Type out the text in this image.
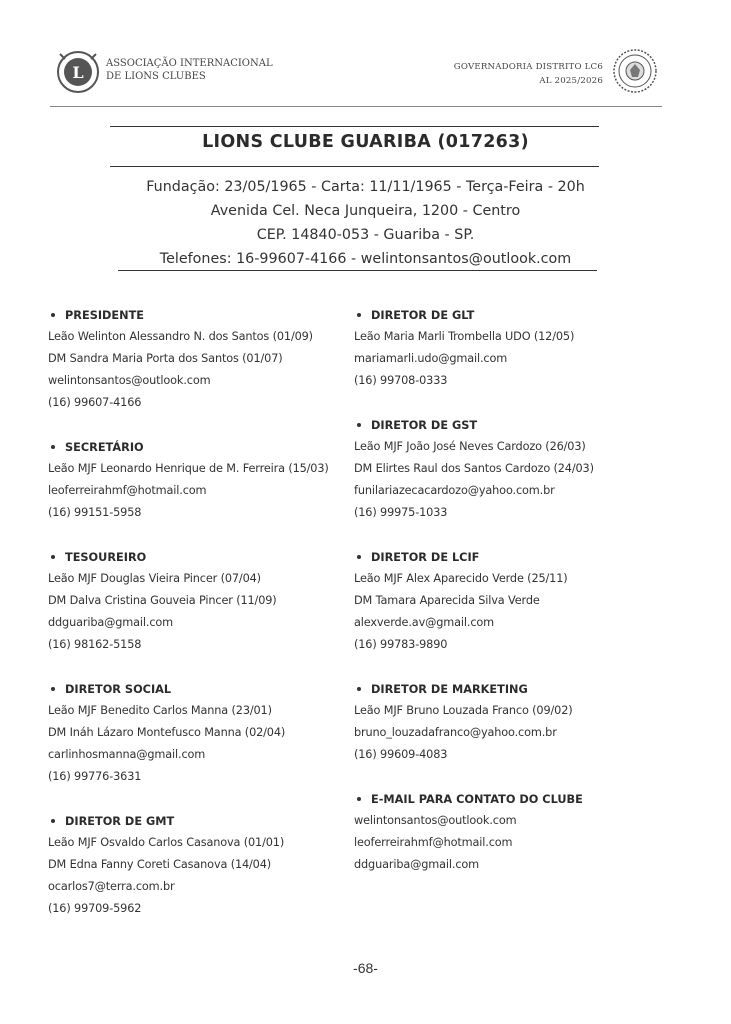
L ASSOCIAÇÃO INTERNACIONAL
DE LIONS CLUBES
GOVERNADORIA DISTRITO LC6
AL 2025/2026
LIONS CLUBE GUARIBA (017263)
Fundação: 23/05/1965 - Carta: 11/11/1965 - Terça-Feira - 20h
Avenida Cel. Neca Junqueira, 1200 - Centro
CEP. 14840-053 - Guariba - SP.
Telefones: 16-99607-4166 - welintonsantos@outlook.com
PRESIDENTE
Leão Welinton Alessandro N. dos Santos (01/09)
DM Sandra Maria Porta dos Santos (01/07)
welintonsantos@outlook.com
(16) 99607-4166
SECRETÁRIO
Leão MJF Leonardo Henrique de M. Ferreira (15/03)
leoferreirahmf@hotmail.com
(16) 99151-5958
TESOUREIRO
Leão MJF Douglas Vieira Pincer (07/04)
DM Dalva Cristina Gouveia Pincer (11/09)
ddguariba@gmail.com
(16) 98162-5158
DIRETOR SOCIAL
Leão MJF Benedito Carlos Manna (23/01)
DM Ináh Lázaro Montefusco Manna (02/04)
carlinhosmanna@gmail.com
(16) 99776-3631
DIRETOR DE GMT
Leão MJF Osvaldo Carlos Casanova (01/01)
DM Edna Fanny Coreti Casanova (14/04)
ocarlos7@terra.com.br
(16) 99709-5962
DIRETOR DE GLT
Leão Maria Marli Trombella UDO (12/05)
mariamarli.udo@gmail.com
(16) 99708-0333
DIRETOR DE GST
Leão MJF João José Neves Cardozo (26/03)
DM Elirtes Raul dos Santos Cardozo (24/03)
funilariazecacardozo@yahoo.com.br
(16) 99975-1033
DIRETOR DE LCIF
Leão MJF Alex Aparecido Verde (25/11)
DM Tamara Aparecida Silva Verde
alexverde.av@gmail.com
(16) 99783-9890
DIRETOR DE MARKETING
Leão MJF Bruno Louzada Franco (09/02)
bruno_louzadafranco@yahoo.com.br
(16) 99609-4083
E-MAIL PARA CONTATO DO CLUBE
welintonsantos@outlook.com
leoferreirahmf@hotmail.com
ddguariba@gmail.com
-68-
